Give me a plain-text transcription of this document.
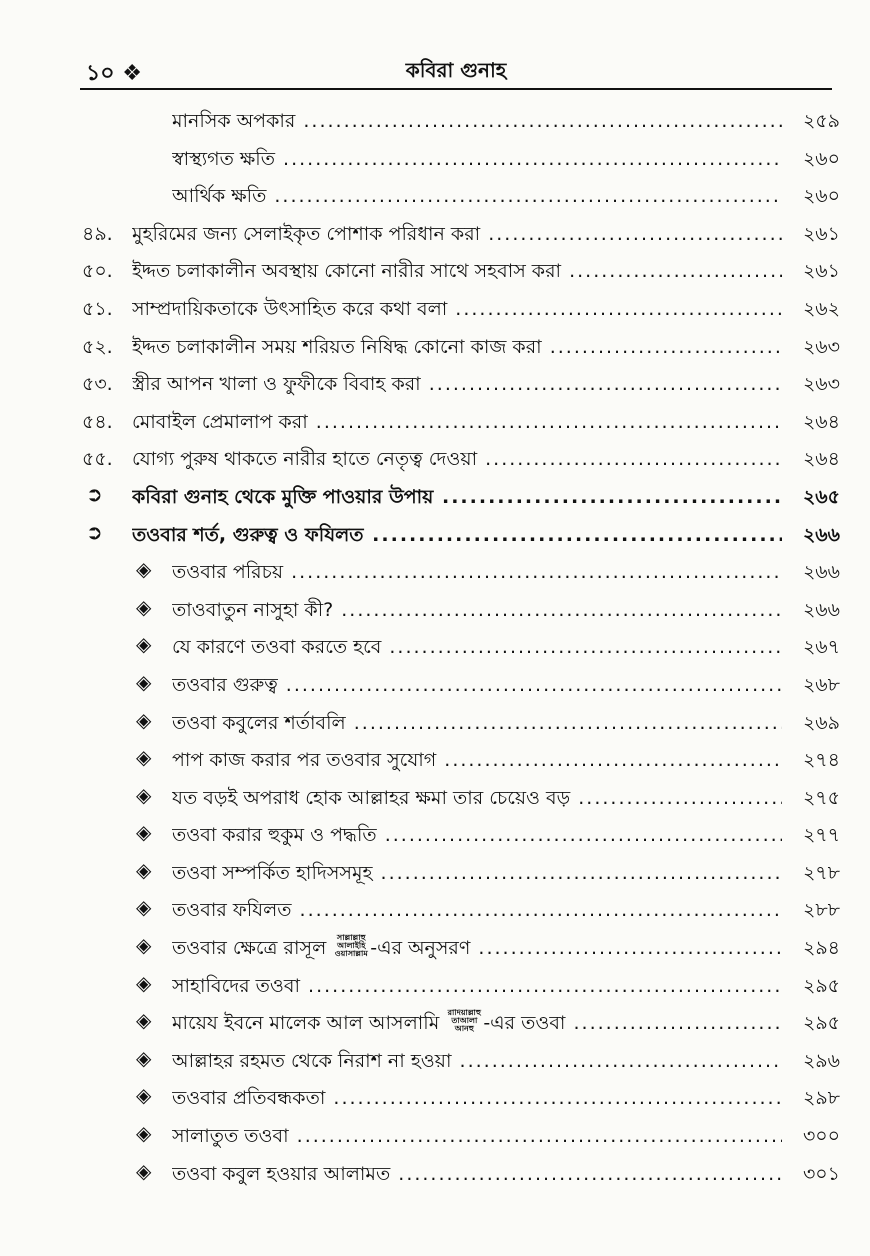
১০ ❖	কবিরা গুনাহ
মানসিক অপকার .....	২৫৯
স্বাস্থ্যগত ক্ষতি .....	২৬০
আর্থিক ক্ষতি .....	২৬০
৪৯.	মুহরিমের জন্য সেলাইকৃত পোশাক পরিধান করা .....	২৬১
৫০.	ইদ্দত চলাকালীন অবস্থায় কোনো নারীর সাথে সহবাস করা .....	২৬১
৫১.	সাম্প্রদায়িকতাকে উৎসাহিত করে কথা বলা .....	২৬২
৫২.	ইদ্দত চলাকালীন সময় শরিয়ত নিষিদ্ধ কোনো কাজ করা .....	২৬৩
৫৩.	স্ত্রীর আপন খালা ও ফুফীকে বিবাহ করা .....	২৬৩
৫৪.	মোবাইল প্রেমালাপ করা .....	২৬৪
৫৫.	যোগ্য পুরুষ থাকতে নারীর হাতে নেতৃত্ব দেওয়া .....	২৬৪
➲ কবিরা গুনাহ থেকে মুক্তি পাওয়ার উপায় .....	২৬৫
➲ তওবার শর্ত, গুরুত্ব ও ফযিলত .....	২৬৬
◈ তওবার পরিচয় .....	২৬৬
◈ তাওবাতুন নাসুহা কী? .....	২৬৬
◈ যে কারণে তওবা করতে হবে .....	২৬৭
◈ তওবার গুরুত্ব .....	২৬৮
◈ তওবা কবুলের শর্তাবলি .....	২৬৯
◈ পাপ কাজ করার পর তওবার সুযোগ .....	২৭৪
◈ যত বড়ই অপরাধ হোক আল্লাহর ক্ষমা তার চেয়েও বড় .....	২৭৫
◈ তওবা করার হুকুম ও পদ্ধতি .....	২৭৭
◈ তওবা সম্পর্কিত হাদিসসমূহ .....	২৭৮
◈ তওবার ফযিলত .....	২৮৮
◈ তওবার ক্ষেত্রে রাসূল সাল্লাল্লাহু আলাইহি ওয়াসাল্লাম -এর অনুসরণ .....	২৯৪
◈ সাহাবিদের তওবা .....	২৯৫
◈ মায়েয ইবনে মালেক আল আসলামি রাদিয়াল্লাহু তাআলা আনহু -এর তওবা .....	২৯৫
◈ আল্লাহর রহমত থেকে নিরাশ না হওয়া .....	২৯৬
◈ তওবার প্রতিবন্ধকতা .....	২৯৮
◈ সালাতুত তওবা .....	৩০০
◈ তওবা কবুল হওয়ার আলামত .....	৩০১
